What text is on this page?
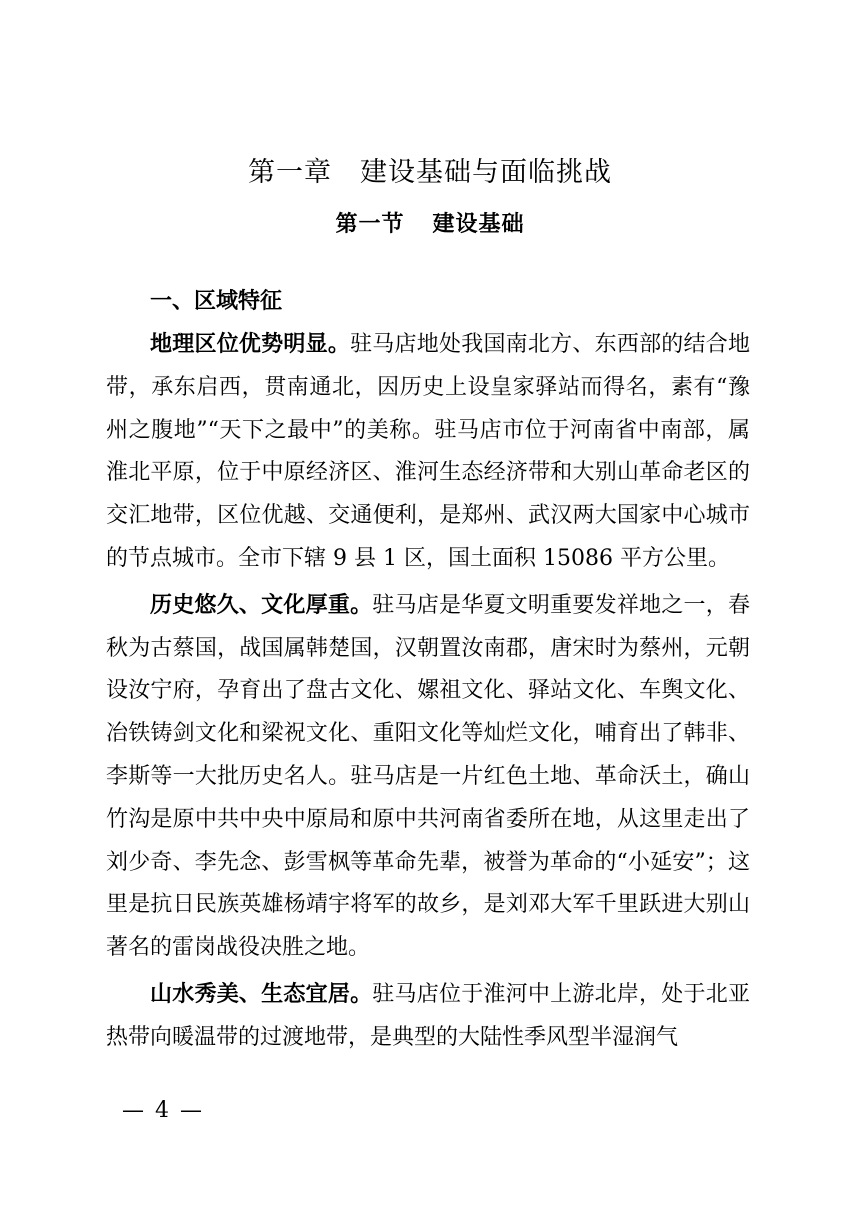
第一章 建设基础与面临挑战
第一节 建设基础
一、区域特征

地理区位优势明显。驻马店地处我国南北方、东西部的结合地带，承东启西，贯南通北，因历史上设皇家驿站而得名，素有“豫州之腹地”“天下之最中”的美称。驻马店市位于河南省中南部，属淮北平原，位于中原经济区、淮河生态经济带和大别山革命老区的交汇地带，区位优越、交通便利，是郑州、武汉两大国家中心城市的节点城市。全市下辖 9 县 1 区，国土面积 15086 平方公里。

历史悠久、文化厚重。驻马店是华夏文明重要发祥地之一，春秋为古蔡国，战国属韩楚国，汉朝置汝南郡，唐宋时为蔡州，元朝设汝宁府，孕育出了盘古文化、嫘祖文化、驿站文化、车舆文化、冶铁铸剑文化和梁祝文化、重阳文化等灿烂文化，哺育出了韩非、李斯等一大批历史名人。驻马店是一片红色土地、革命沃土，确山竹沟是原中共中央中原局和原中共河南省委所在地，从这里走出了刘少奇、李先念、彭雪枫等革命先辈，被誉为革命的“小延安”；这里是抗日民族英雄杨靖宇将军的故乡，是刘邓大军千里跃进大别山著名的雷岗战役决胜之地。

山水秀美、生态宜居。驻马店位于淮河中上游北岸，处于北亚热带向暖温带的过渡地带，是典型的大陆性季风型半湿润气

— 4 —
